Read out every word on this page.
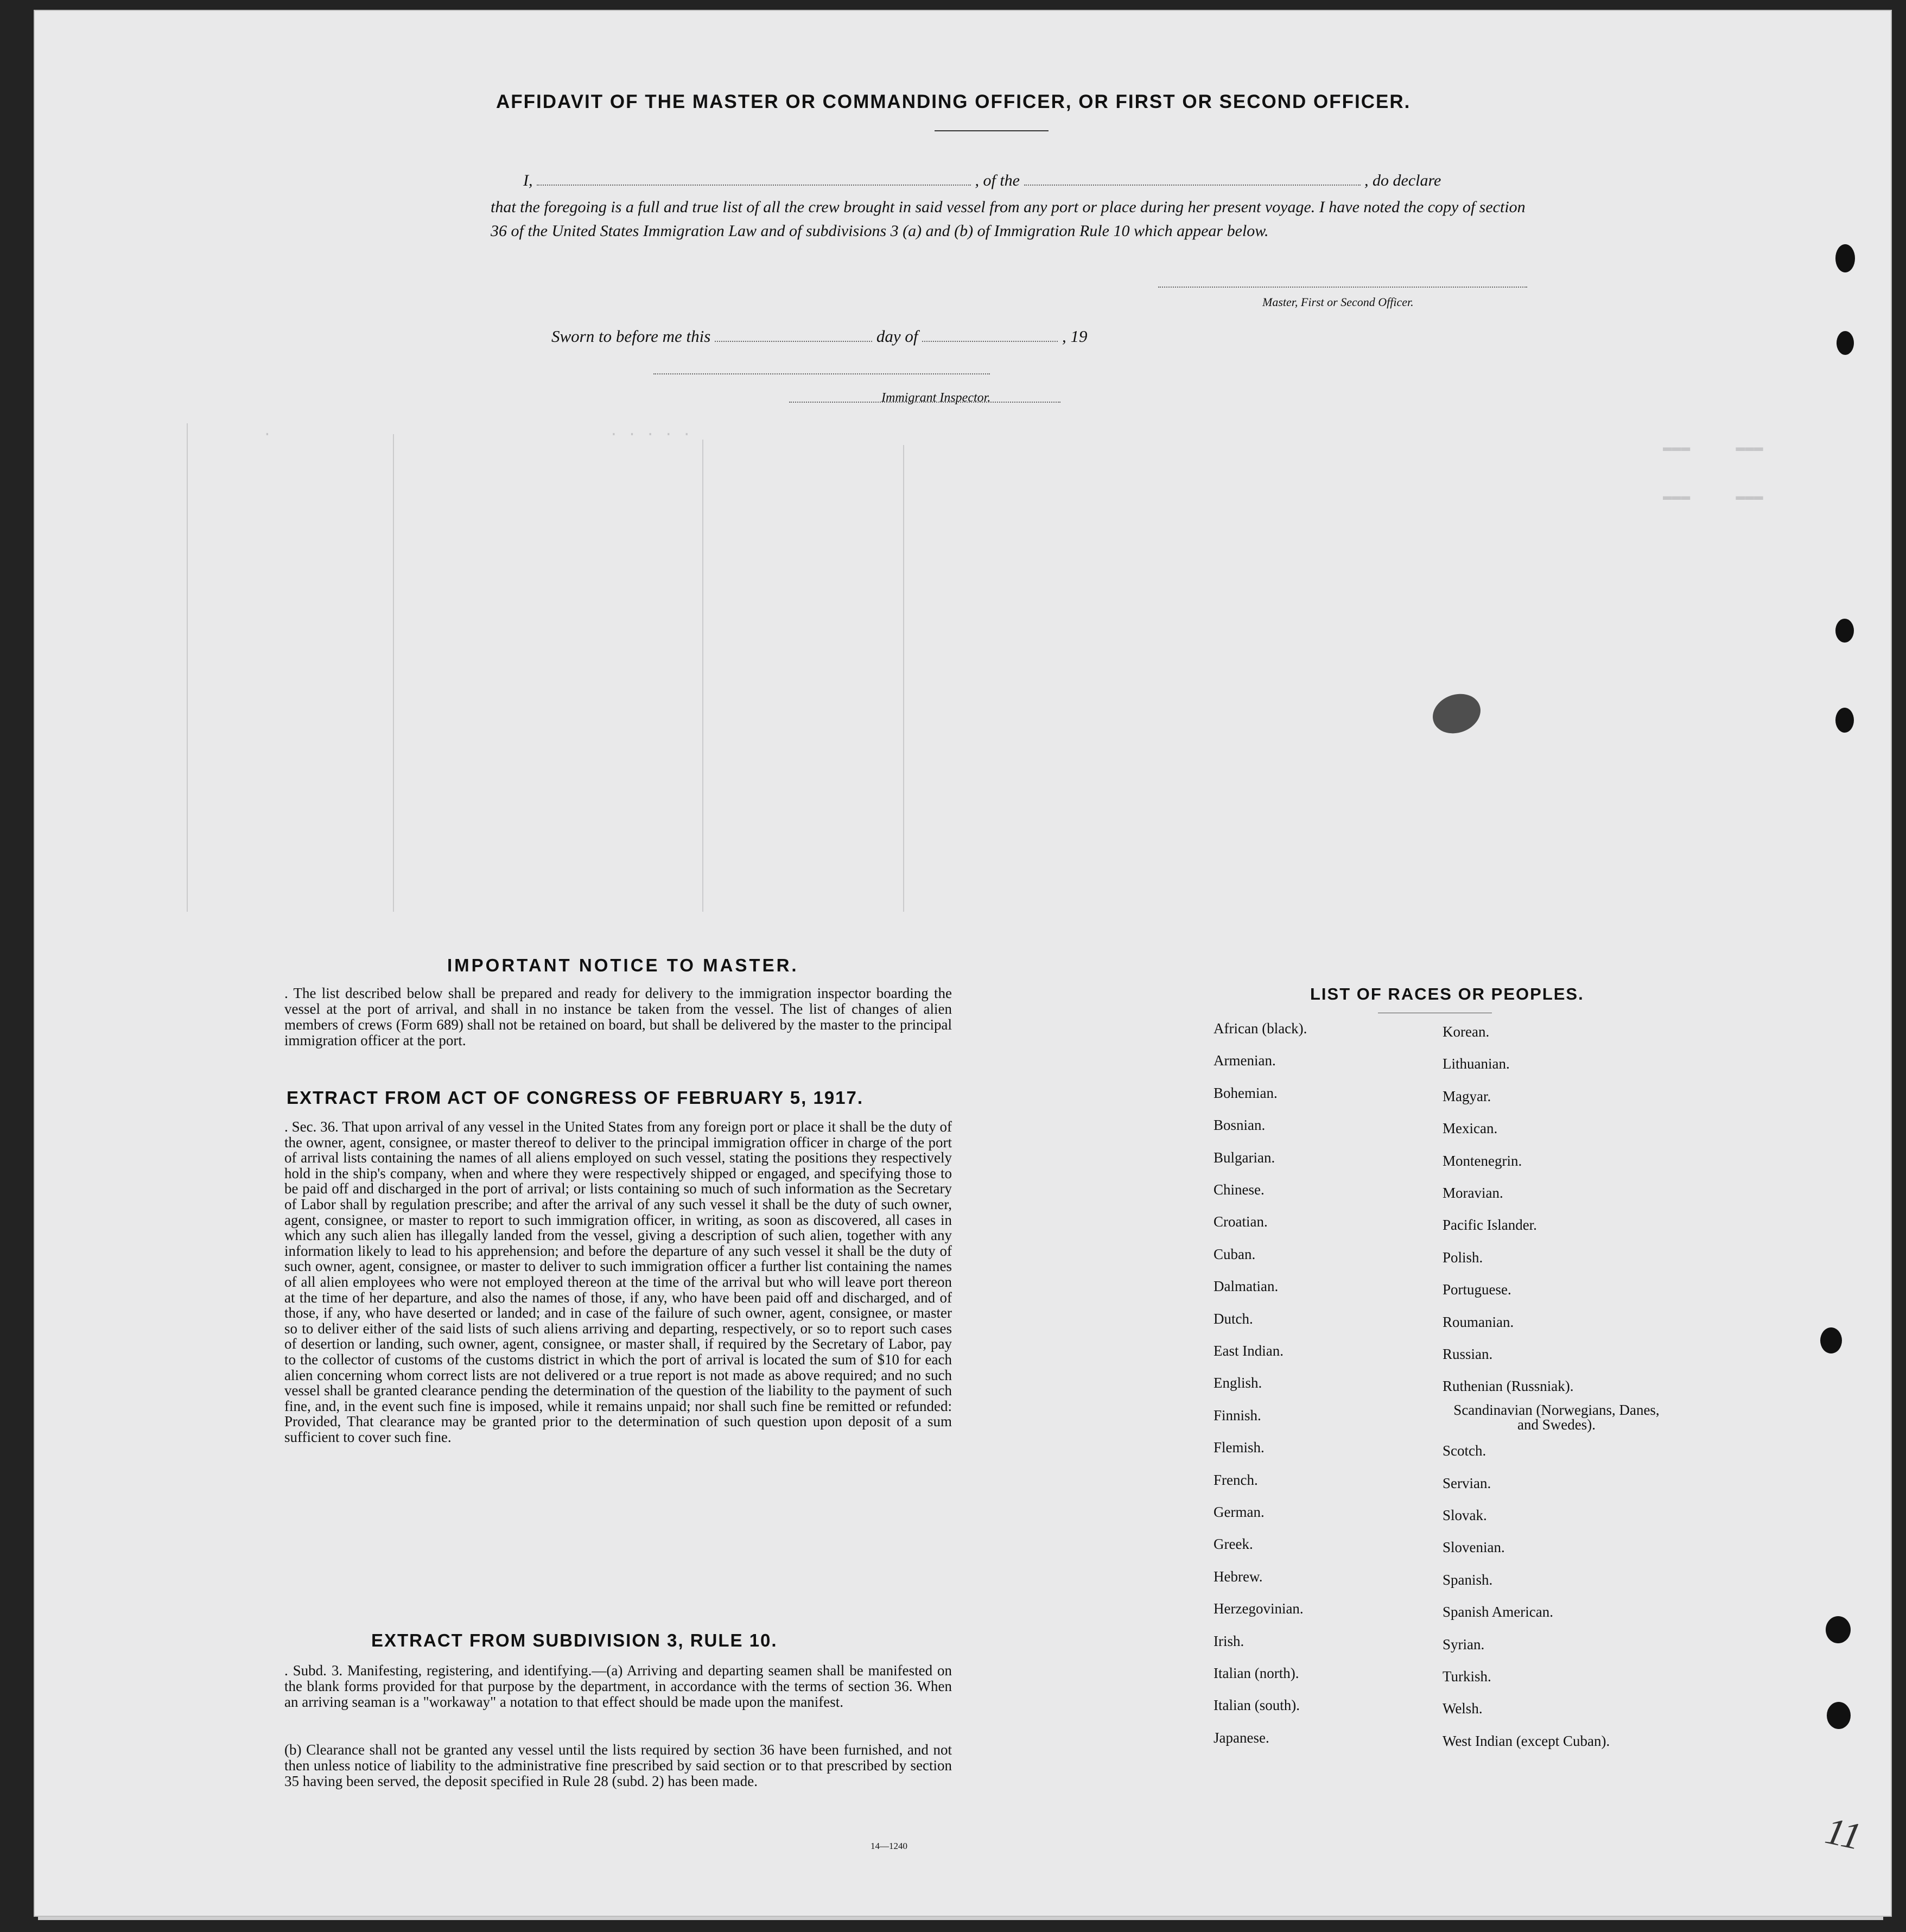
.                                     . . . . .
▬▬▬     ▬▬▬
▬▬▬     ▬▬▬
AFFIDAVIT OF THE MASTER OR COMMANDING OFFICER, OR FIRST OR SECOND OFFICER.
I,	, of the	, do declare
that the foregoing is a full and true list of all the crew brought in said vessel from any port or place during her present voyage. I have noted the copy of section 36 of the United States Immigration Law and of subdivisions 3 (a) and (b) of Immigration Rule 10 which appear below.
Master, First or Second Officer.
Sworn to before me this	day of	, 19
Immigrant Inspector.
IMPORTANT NOTICE TO MASTER.
. The list described below shall be prepared and ready for delivery to the immigration inspector boarding the vessel at the port of arrival, and shall in no instance be taken from the vessel. The list of changes of alien members of crews (Form 689) shall not be retained on board, but shall be delivered by the master to the principal immigration officer at the port.
EXTRACT FROM ACT OF CONGRESS OF FEBRUARY 5, 1917.
. Sec. 36. That upon arrival of any vessel in the United States from any foreign port or place it shall be the duty of the owner, agent, consignee, or master thereof to deliver to the principal immigration officer in charge of the port of arrival lists containing the names of all aliens employed on such vessel, stating the positions they respectively hold in the ship's company, when and where they were respectively shipped or engaged, and specifying those to be paid off and discharged in the port of arrival; or lists containing so much of such information as the Secretary of Labor shall by regulation prescribe; and after the arrival of any such vessel it shall be the duty of such owner, agent, consignee, or master to report to such immigration officer, in writing, as soon as discovered, all cases in which any such alien has illegally landed from the vessel, giving a description of such alien, together with any information likely to lead to his apprehension; and before the departure of any such vessel it shall be the duty of such owner, agent, consignee, or master to deliver to such immigration officer a further list containing the names of all alien employees who were not employed thereon at the time of the arrival but who will leave port thereon at the time of her departure, and also the names of those, if any, who have been paid off and discharged, and of those, if any, who have deserted or landed; and in case of the failure of such owner, agent, consignee, or master so to deliver either of the said lists of such aliens arriving and departing, respectively, or so to report such cases of desertion or landing, such owner, agent, consignee, or master shall, if required by the Secretary of Labor, pay to the collector of customs of the customs district in which the port of arrival is located the sum of $10 for each alien concerning whom correct lists are not delivered or a true report is not made as above required; and no such vessel shall be granted clearance pending the determination of the question of the liability to the payment of such fine, and, in the event such fine is imposed, while it remains unpaid; nor shall such fine be remitted or refunded: Provided, That clearance may be granted prior to the determination of such question upon deposit of a sum sufficient to cover such fine.
EXTRACT FROM SUBDIVISION 3, RULE 10.
. Subd. 3. Manifesting, registering, and identifying.—(a) Arriving and departing seamen shall be manifested on the blank forms provided for that purpose by the department, in accordance with the terms of section 36. When an arriving seaman is a "workaway" a notation to that effect should be made upon the manifest.
(b) Clearance shall not be granted any vessel until the lists required by section 36 have been furnished, and not then unless notice of liability to the administrative fine prescribed by said section or to that prescribed by section 35 having been served, the deposit specified in Rule 28 (subd. 2) has been made.
14—1240
LIST OF RACES OR PEOPLES.
African (black).
Armenian.
Bohemian.
Bosnian.
Bulgarian.
Chinese.
Croatian.
Cuban.
Dalmatian.
Dutch.
East Indian.
English.
Finnish.
Flemish.
French.
German.
Greek.
Hebrew.
Herzegovinian.
Irish.
Italian (north).
Italian (south).
Japanese.
Korean.
Lithuanian.
Magyar.
Mexican.
Montenegrin.
Moravian.
Pacific Islander.
Polish.
Portuguese.
Roumanian.
Russian.
Ruthenian (Russniak).
Scandinavian (Norwegians, Danes, and Swedes).
Scotch.
Servian.
Slovak.
Slovenian.
Spanish.
Spanish American.
Syrian.
Turkish.
Welsh.
West Indian (except Cuban).
11
